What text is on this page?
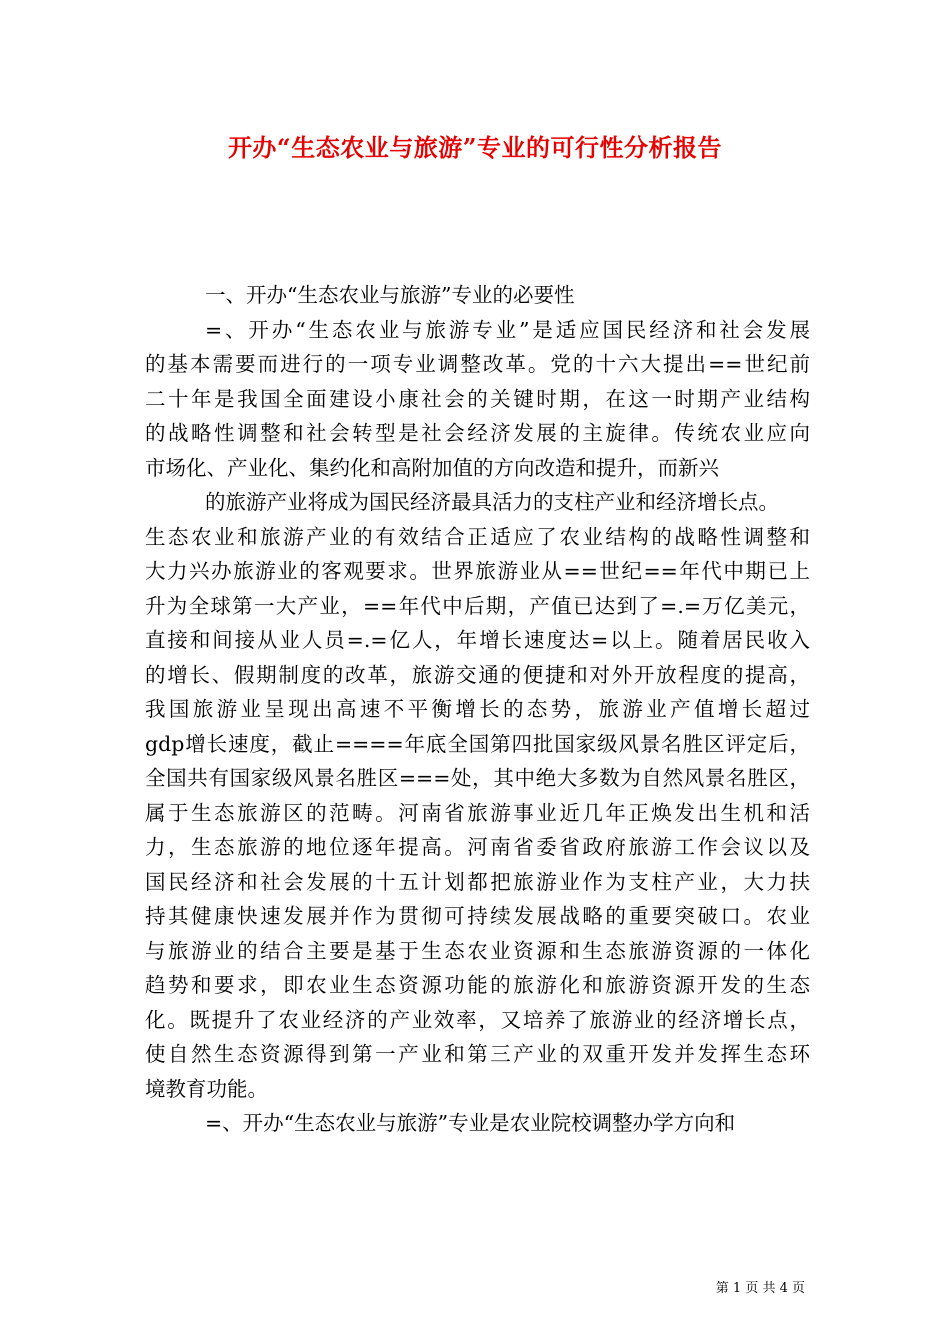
开办“生态农业与旅游”专业的可行性分析报告
一、开办“生态农业与旅游”专业的必要性
=、开办“生态农业与旅游专业”是适应国民经济和社会发展
的基本需要而进行的一项专业调整改革。党的十六大提出==世纪前
二十年是我国全面建设小康社会的关键时期，在这一时期产业结构
的战略性调整和社会转型是社会经济发展的主旋律。传统农业应向
市场化、产业化、集约化和高附加值的方向改造和提升，而新兴
的旅游产业将成为国民经济最具活力的支柱产业和经济增长点。
生态农业和旅游产业的有效结合正适应了农业结构的战略性调整和
大力兴办旅游业的客观要求。世界旅游业从==世纪==年代中期已上
升为全球第一大产业，==年代中后期，产值已达到了=.=万亿美元，
直接和间接从业人员=.=亿人，年增长速度达=以上。随着居民收入
的增长、假期制度的改革，旅游交通的便捷和对外开放程度的提高，
我国旅游业呈现出高速不平衡增长的态势，旅游业产值增长超过
gdp增长速度，截止====年底全国第四批国家级风景名胜区评定后，
全国共有国家级风景名胜区===处，其中绝大多数为自然风景名胜区，
属于生态旅游区的范畴。河南省旅游事业近几年正焕发出生机和活
力，生态旅游的地位逐年提高。河南省委省政府旅游工作会议以及
国民经济和社会发展的十五计划都把旅游业作为支柱产业，大力扶
持其健康快速发展并作为贯彻可持续发展战略的重要突破口。农业
与旅游业的结合主要是基于生态农业资源和生态旅游资源的一体化
趋势和要求，即农业生态资源功能的旅游化和旅游资源开发的生态
化。既提升了农业经济的产业效率，又培养了旅游业的经济增长点，
使自然生态资源得到第一产业和第三产业的双重开发并发挥生态环
境教育功能。
=、开办“生态农业与旅游”专业是农业院校调整办学方向和
第 1 页 共 4 页
